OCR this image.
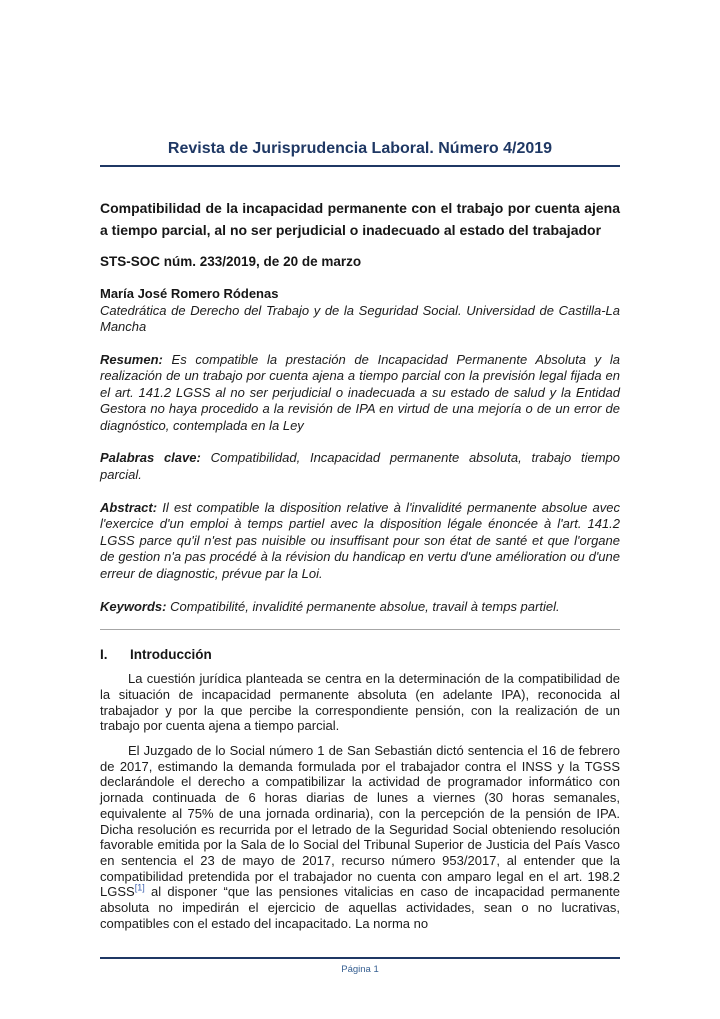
Revista de Jurisprudencia Laboral. Número 4/2019
Compatibilidad de la incapacidad permanente con el trabajo por cuenta ajena a tiempo parcial, al no ser perjudicial o inadecuado al estado del trabajador

STS-SOC núm. 233/2019, de 20 de marzo

María José Romero Ródenas

Catedrática de Derecho del Trabajo y de la Seguridad Social. Universidad de Castilla-La Mancha

Resumen: Es compatible la prestación de Incapacidad Permanente Absoluta y la realización de un trabajo por cuenta ajena a tiempo parcial con la previsión legal fijada en el art. 141.2 LGSS al no ser perjudicial o inadecuada a su estado de salud y la Entidad Gestora no haya procedido a la revisión de IPA en virtud de una mejoría o de un error de diagnóstico, contemplada en la Ley

Palabras clave: Compatibilidad, Incapacidad permanente absoluta, trabajo tiempo parcial.

Abstract: Il est compatible la disposition relative à l'invalidité permanente absolue avec l'exercice d'un emploi à temps partiel avec la disposition légale énoncée à l'art. 141.2 LGSS parce qu'il n'est pas nuisible ou insuffisant pour son état de santé et que l'organe de gestion n'a pas procédé à la révision du handicap en vertu d'une amélioration ou d'une erreur de diagnostic, prévue par la Loi.

Keywords: Compatibilité, invalidité permanente absolue, travail à temps partiel.

I. Introducción

La cuestión jurídica planteada se centra en la determinación de la compatibilidad de la situación de incapacidad permanente absoluta (en adelante IPA), reconocida al trabajador y por la que percibe la correspondiente pensión, con la realización de un trabajo por cuenta ajena a tiempo parcial.

El Juzgado de lo Social número 1 de San Sebastián dictó sentencia el 16 de febrero de 2017, estimando la demanda formulada por el trabajador contra el INSS y la TGSS declarándole el derecho a compatibilizar la actividad de programador informático con jornada continuada de 6 horas diarias de lunes a viernes (30 horas semanales, equivalente al 75% de una jornada ordinaria), con la percepción de la pensión de IPA. Dicha resolución es recurrida por el letrado de la Seguridad Social obteniendo resolución favorable emitida por la Sala de lo Social del Tribunal Superior de Justicia del País Vasco en sentencia el 23 de mayo de 2017, recurso número 953/2017, al entender que la compatibilidad pretendida por el trabajador no cuenta con amparo legal en el art. 198.2 LGSS[1] al disponer “que las pensiones vitalicias en caso de incapacidad permanente absoluta no impedirán el ejercicio de aquellas actividades, sean o no lucrativas, compatibles con el estado del incapacitado. La norma no

Página 1
